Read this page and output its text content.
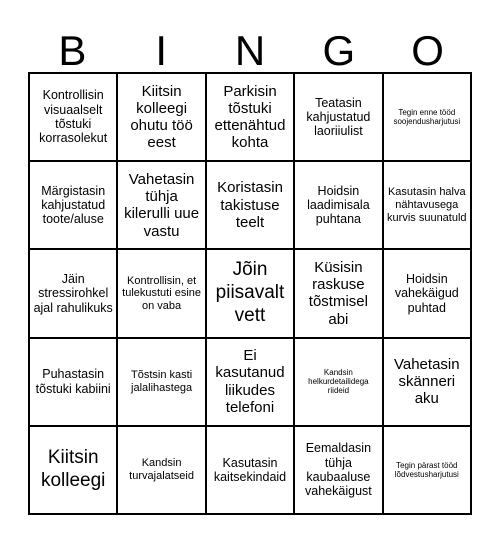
B	I	N	G	O
Kontrollisin visuaalselt tõstuki korrasolekut
Kiitsin kolleegi ohutu töö eest
Parkisin tõstuki ettenähtud kohta
Teatasin kahjustatud laoriiulist
Tegin enne tööd soojendusharjutusi
Märgistasin kahjustatud toote/aluse
Vahetasin tühja kilerulli uue vastu
Koristasin takistuse teelt
Hoidsin laadimisala puhtana
Kasutasin halva nähtavusega kurvis suunatuld
Jäin stressirohkel ajal rahulikuks
Kontrollisin, et tulekustuti esine on vaba
Jõin piisavalt vett
Küsisin raskuse tõstmisel abi
Hoidsin vahekäigud puhtad
Puhastasin tõstuki kabiini
Tõstsin kasti jalalihastega
Ei kasutanud liikudes telefoni
Kandsin helkurdetailidega riideid
Vahetasin skänneri aku
Kiitsin kolleegi
Kandsin turvajalatseid
Kasutasin kaitsekindaid
Eemaldasin tühja kaubaaluse vahekäigust
Tegin pärast tööd lõdvestusharjutusi
